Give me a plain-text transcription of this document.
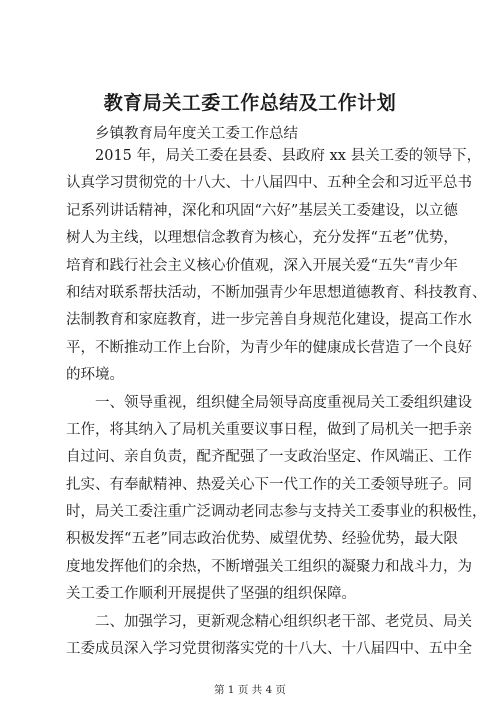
教育局关工委工作总结及工作计划
乡镇教育局年度关工委工作总结
2015 年，局关工委在县委、县政府 xx 县关工委的领导下，
认真学习贯彻党的十八大、十八届四中、五种全会和习近平总书
记系列讲话精神，深化和巩固“六好”基层关工委建设，以立德
树人为主线，以理想信念教育为核心，充分发挥“五老”优势，
培育和践行社会主义核心价值观，深入开展关爱“五失“青少年
和结对联系帮扶活动，不断加强青少年思想道德教育、科技教育、
法制教育和家庭教育，进一步完善自身规范化建设，提高工作水
平，不断推动工作上台阶，为青少年的健康成长营造了一个良好
的环境。
一、领导重视，组织健全局领导高度重视局关工委组织建设
工作，将其纳入了局机关重要议事日程，做到了局机关一把手亲
自过问、亲自负责，配齐配强了一支政治坚定、作风端正、工作
扎实、有奉献精神、热爱关心下一代工作的关工委领导班子。同
时，局关工委注重广泛调动老同志参与支持关工委事业的积极性，
积极发挥“五老”同志政治优势、威望优势、经验优势，最大限
度地发挥他们的余热，不断增强关工组织的凝聚力和战斗力，为
关工委工作顺利开展提供了坚强的组织保障。
二、加强学习，更新观念精心组织织老干部、老党员、局关
工委成员深入学习党贯彻落实党的十八大、十八届四中、五中全
第 1 页 共 4 页
